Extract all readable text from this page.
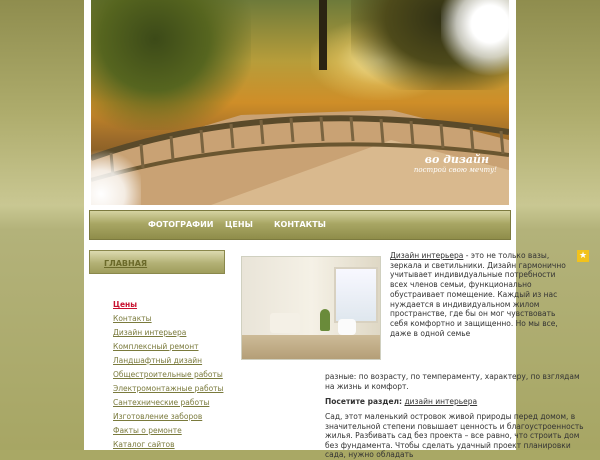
во дизайн
построй свою мечту!
ФОТОГРАФИИ ЦЕНЫ	КОНТАКТЫ
ГЛАВНАЯ
Цены
Контакты
Дизайн интерьера
Комплексный ремонт
Ландшафтный дизайн
Общестроительные работы
Электромонтажные работы
Сантехнические работы
Изготовление заборов
Факты о ремонте
Каталог сайтов
★

Дизайн интерьера - это не только вазы, зеркала и светильники. Дизайн гармонично учитывает индивидуальные потребности всех членов семьи, функционально обустраивает помещение. Каждый из нас нуждается в индивидуальном жилом пространстве, где бы он мог чувствовать себя комфортно и защищенно. Но мы все, даже в одной семье

разные: по возрасту, по темпераменту, характеру, по взглядам на жизнь и комфорт.

Посетите раздел: дизайн интерьера

Сад, этот маленький островок живой природы перед домом, в значительной степени повышает ценность и благоустроенность жилья. Разбивать сад без проекта – все равно, что строить дом без фундамента. Чтобы сделать удачный проект планировки сада, нужно обладать
